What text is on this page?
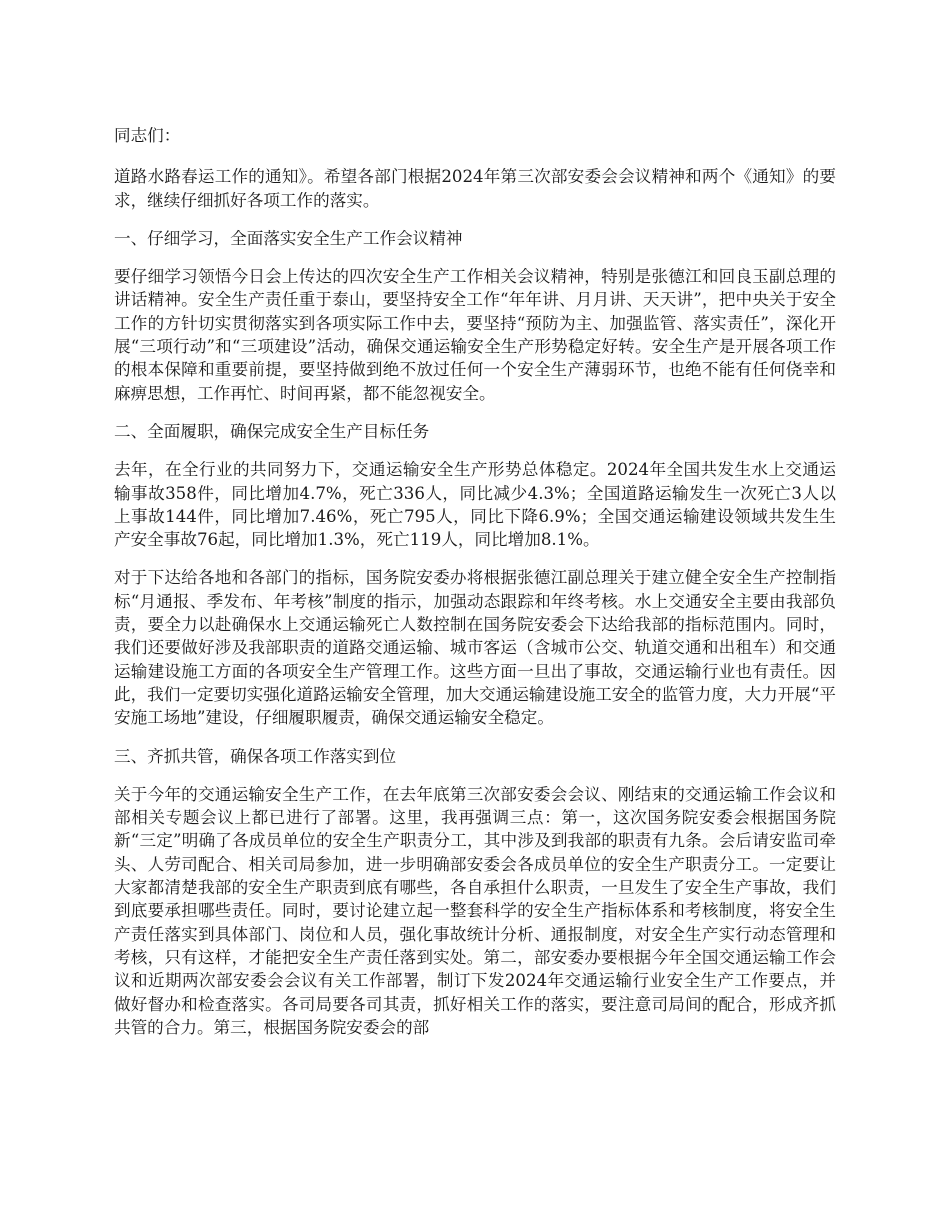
同志们：

道路水路春运工作的通知》。希望各部门根据2024年第三次部安委会会议精神和两个《通知》的要求，继续仔细抓好各项工作的落实。

一、仔细学习，全面落实安全生产工作会议精神

要仔细学习领悟今日会上传达的四次安全生产工作相关会议精神，特别是张德江和回良玉副总理的讲话精神。安全生产责任重于泰山，要坚持安全工作“年年讲、月月讲、天天讲”，把中央关于安全工作的方针切实贯彻落实到各项实际工作中去，要坚持“预防为主、加强监管、落实责任”，深化开展“三项行动”和“三项建设”活动，确保交通运输安全生产形势稳定好转。安全生产是开展各项工作的根本保障和重要前提，要坚持做到绝不放过任何一个安全生产薄弱环节，也绝不能有任何侥幸和麻痹思想，工作再忙、时间再紧，都不能忽视安全。

二、全面履职，确保完成安全生产目标任务

去年，在全行业的共同努力下，交通运输安全生产形势总体稳定。2024年全国共发生水上交通运输事故358件，同比增加4.7%，死亡336人，同比减少4.3%；全国道路运输发生一次死亡3人以上事故144件，同比增加7.46%，死亡795人，同比下降6.9%；全国交通运输建设领域共发生生产安全事故76起，同比增加1.3%，死亡119人，同比增加8.1%。

对于下达给各地和各部门的指标，国务院安委办将根据张德江副总理关于建立健全安全生产控制指标“月通报、季发布、年考核”制度的指示，加强动态跟踪和年终考核。水上交通安全主要由我部负责，要全力以赴确保水上交通运输死亡人数控制在国务院安委会下达给我部的指标范围内。同时，我们还要做好涉及我部职责的道路交通运输、城市客运（含城市公交、轨道交通和出租车）和交通运输建设施工方面的各项安全生产管理工作。这些方面一旦出了事故，交通运输行业也有责任。因此，我们一定要切实强化道路运输安全管理，加大交通运输建设施工安全的监管力度，大力开展“平安施工场地”建设，仔细履职履责，确保交通运输安全稳定。

三、齐抓共管，确保各项工作落实到位

关于今年的交通运输安全生产工作，在去年底第三次部安委会会议、刚结束的交通运输工作会议和部相关专题会议上都已进行了部署。这里，我再强调三点：第一，这次国务院安委会根据国务院新“三定”明确了各成员单位的安全生产职责分工，其中涉及到我部的职责有九条。会后请安监司牵头、人劳司配合、相关司局参加，进一步明确部安委会各成员单位的安全生产职责分工。一定要让大家都清楚我部的安全生产职责到底有哪些，各自承担什么职责，一旦发生了安全生产事故，我们到底要承担哪些责任。同时，要讨论建立起一整套科学的安全生产指标体系和考核制度，将安全生产责任落实到具体部门、岗位和人员，强化事故统计分析、通报制度，对安全生产实行动态管理和考核，只有这样，才能把安全生产责任落到实处。第二，部安委办要根据今年全国交通运输工作会议和近期两次部安委会会议有关工作部署，制订下发2024年交通运输行业安全生产工作要点，并做好督办和检查落实。各司局要各司其责，抓好相关工作的落实，要注意司局间的配合，形成齐抓共管的合力。第三，根据国务院安委会的部
